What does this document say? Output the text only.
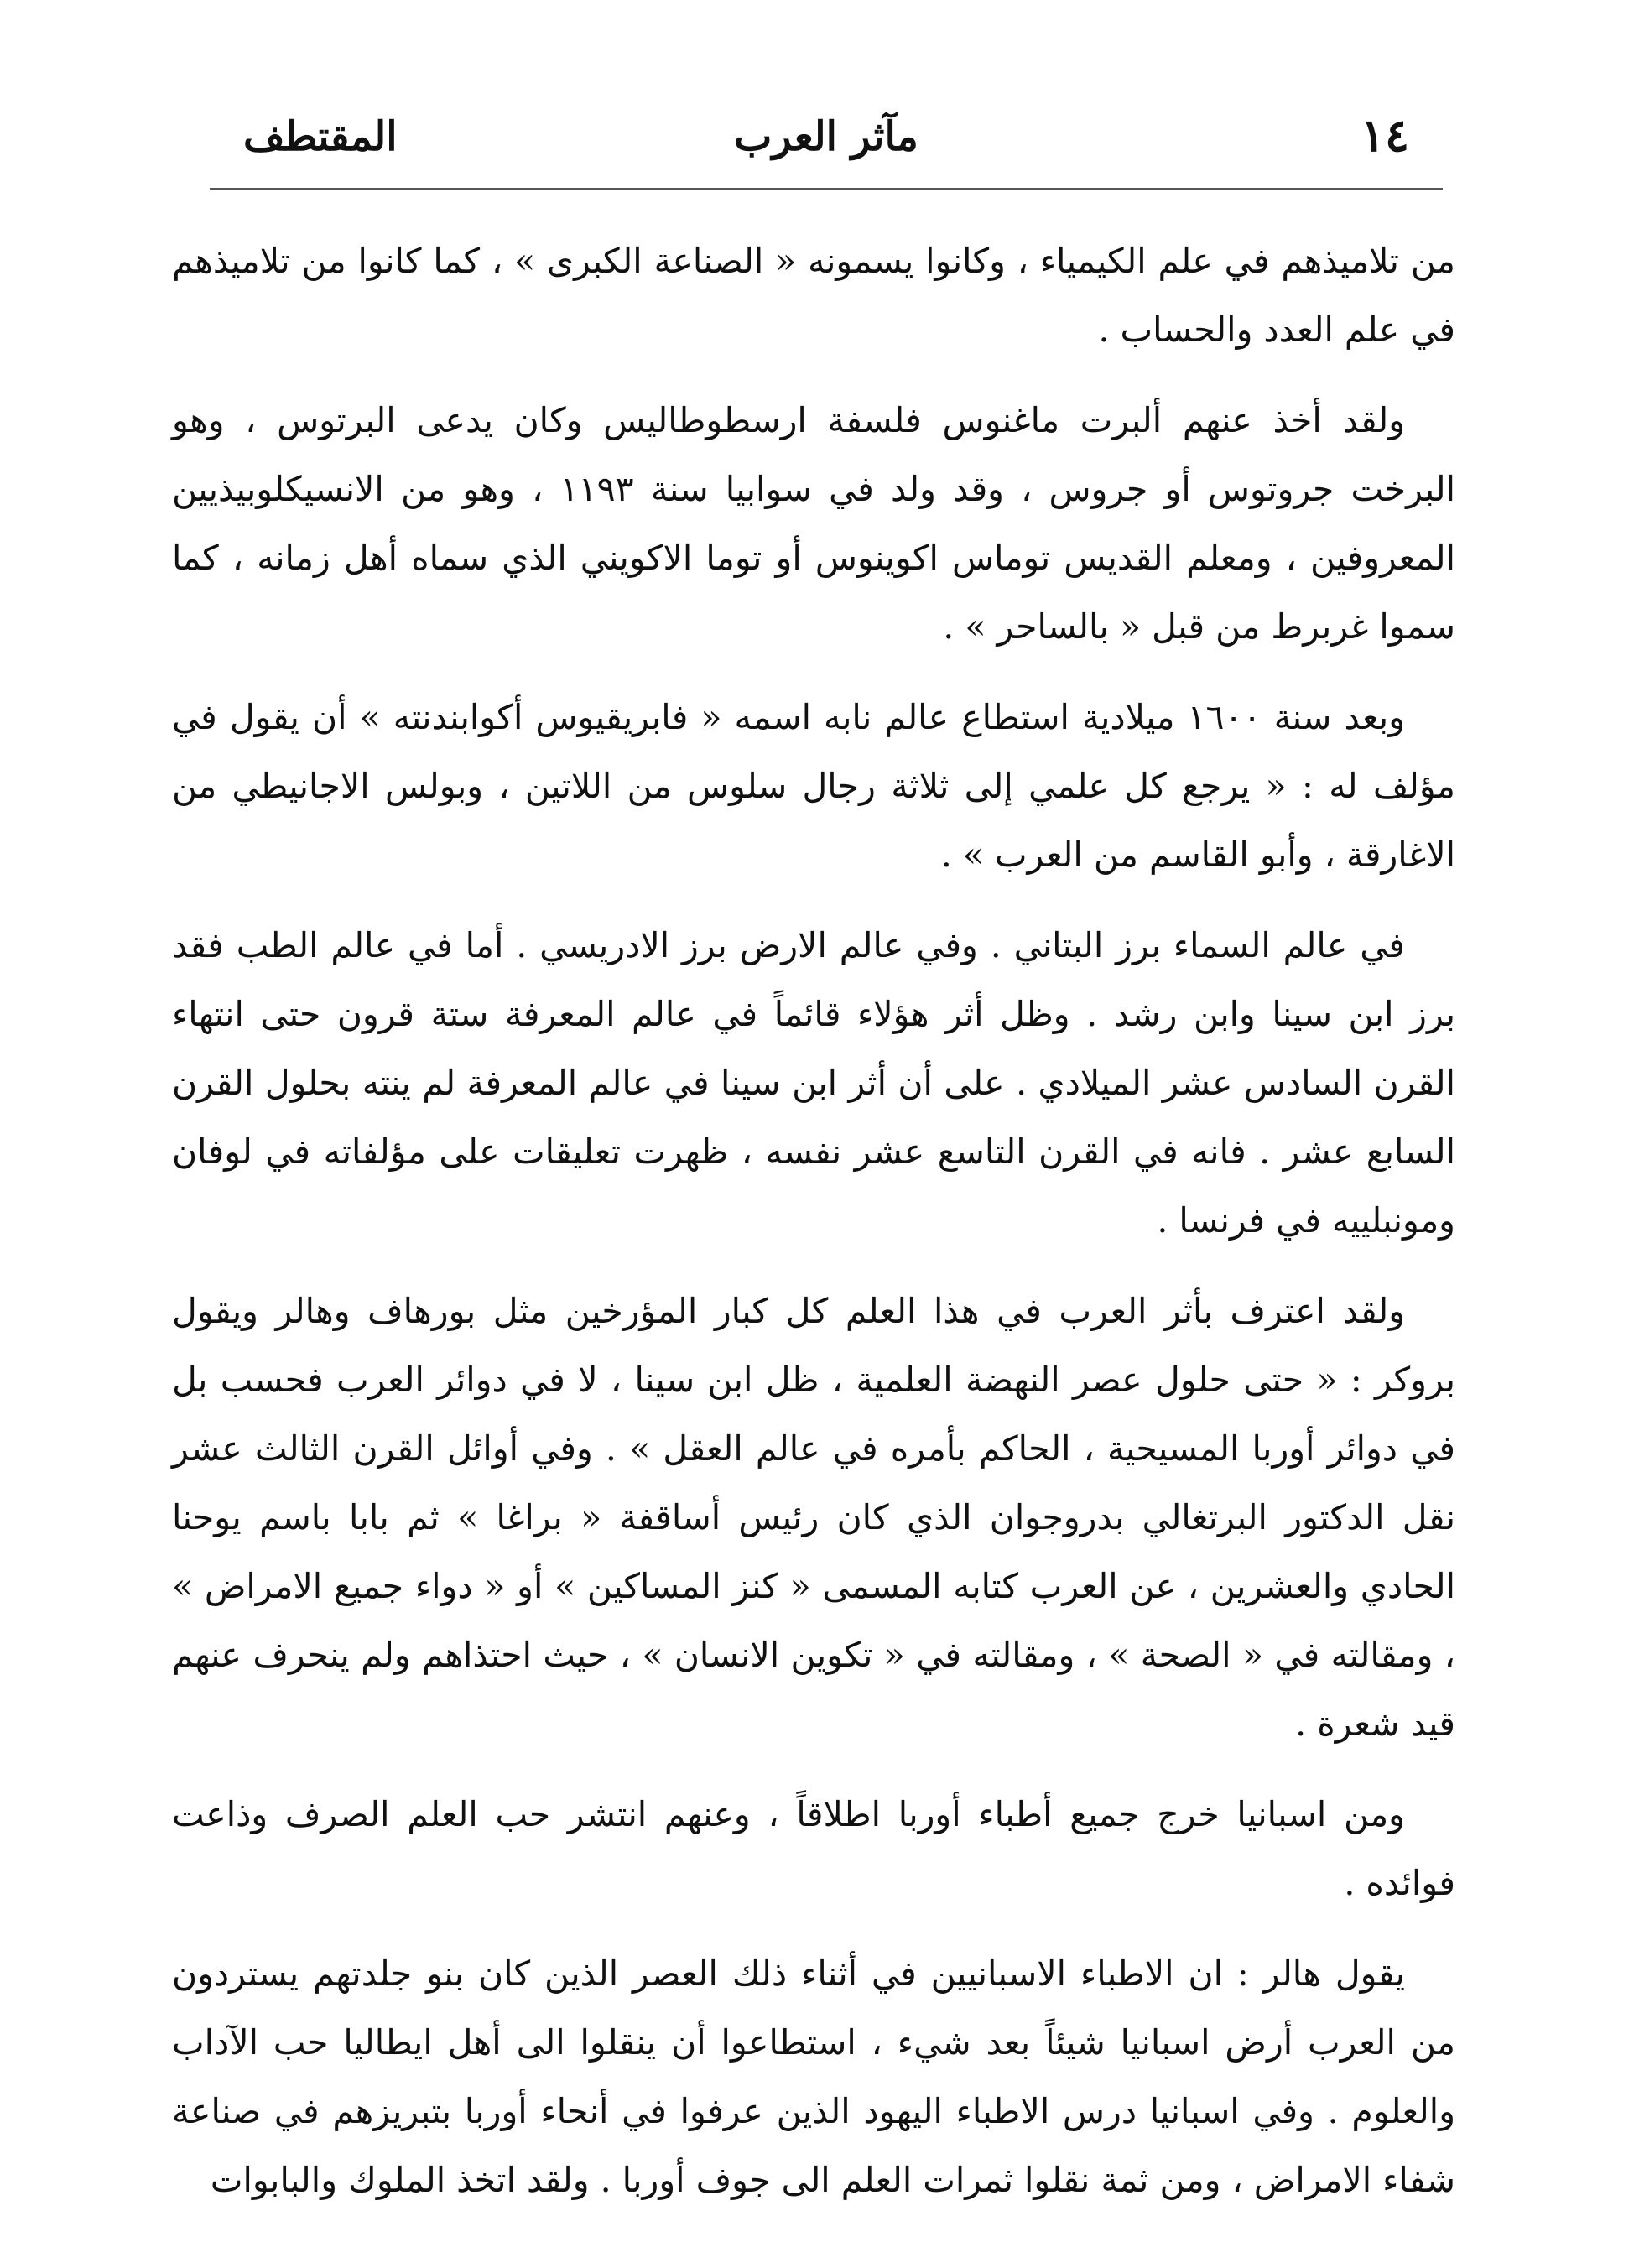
المقتطف	مآثر العرب	١٤

من تلاميذهم في علم الكيمياء ، وكانوا يسمونه « الصناعة الكبرى » ، كما كانوا من تلاميذهم في علم العدد والحساب .

ولقد أخذ عنهم ألبرت ماغنوس فلسفة ارسطوطاليس وكان يدعى البرتوس ، وهو البرخت جروتوس أو جروس ، وقد ولد في سوابيا سنة ١١٩٣ ، وهو من الانسيكلوبيذيين المعروفين ، ومعلم القديس توماس اكوينوس أو توما الاكويني الذي سماه أهل زمانه ، كما سموا غربرط من قبل « بالساحر » .

وبعد سنة ١٦٠٠ ميلادية استطاع عالم نابه اسمه « فابريقيوس أكوابندنته » أن يقول في مؤلف له : « يرجع كل علمي إلى ثلاثة رجال سلوس من اللاتين ، وبولس الاجانيطي من الاغارقة ، وأبو القاسم من العرب » .

في عالم السماء برز البتاني . وفي عالم الارض برز الادريسي . أما في عالم الطب فقد برز ابن سينا وابن رشد . وظل أثر هؤلاء قائماً في عالم المعرفة ستة قرون حتى انتهاء القرن السادس عشر الميلادي . على أن أثر ابن سينا في عالم المعرفة لم ينته بحلول القرن السابع عشر . فانه في القرن التاسع عشر نفسه ، ظهرت تعليقات على مؤلفاته في لوفان ومونبلييه في فرنسا .

ولقد اعترف بأثر العرب في هذا العلم كل كبار المؤرخين مثل بورهاف وهالر ويقول بروكر : « حتى حلول عصر النهضة العلمية ، ظل ابن سينا ، لا في دوائر العرب فحسب بل في دوائر أوربا المسيحية ، الحاكم بأمره في عالم العقل » . وفي أوائل القرن الثالث عشر نقل الدكتور البرتغالي بدروجوان الذي كان رئيس أساقفة « براغا » ثم بابا باسم يوحنا الحادي والعشرين ، عن العرب كتابه المسمى « كنز المساكين » أو « دواء جميع الامراض » ، ومقالته في « الصحة » ، ومقالته في « تكوين الانسان » ، حيث احتذاهم ولم ينحرف عنهم قيد شعرة .

ومن اسبانيا خرج جميع أطباء أوربا اطلاقاً ، وعنهم انتشر حب العلم الصرف وذاعت فوائده .

يقول هالر : ان الاطباء الاسبانيين في أثناء ذلك العصر الذين كان بنو جلدتهم يستردون من العرب أرض اسبانيا شيئاً بعد شيء ، استطاعوا أن ينقلوا الى أهل ايطاليا حب الآداب والعلوم . وفي اسبانيا درس الاطباء اليهود الذين عرفوا في أنحاء أوربا بتبريزهم في صناعة شفاء الامراض ، ومن ثمة نقلوا ثمرات العلم الى جوف أوربا . ولقد اتخذ الملوك والبابوات
